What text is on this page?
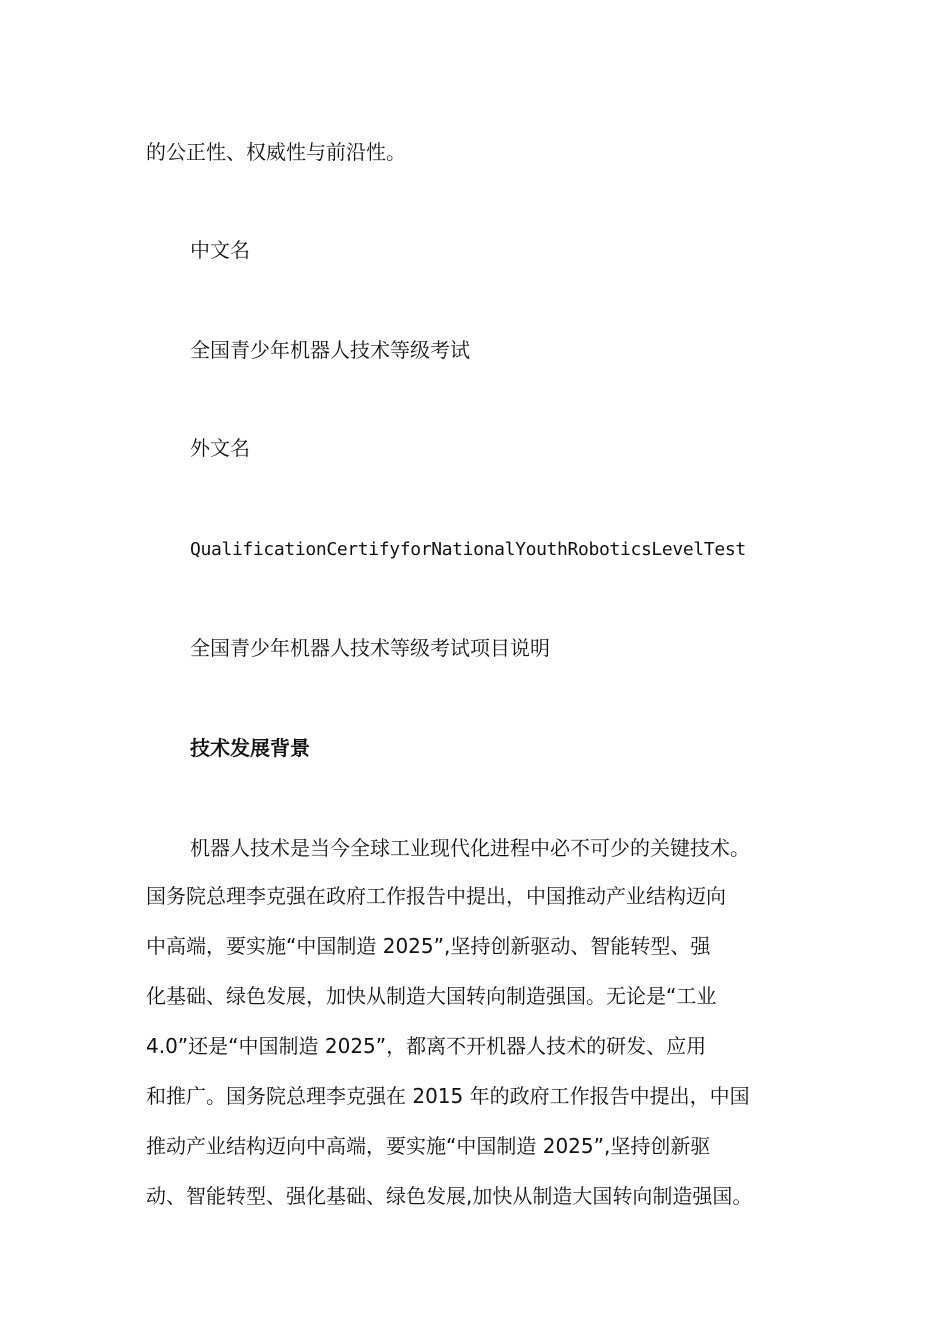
的公正性、权威性与前沿性。

中文名

全国青少年机器人技术等级考试

外文名

QualificationCertifyforNationalYouthRoboticsLevelTest

全国青少年机器人技术等级考试项目说明

技术发展背景

机器人技术是当今全球工业现代化进程中必不可少的关键技术。

国务院总理李克强在政府工作报告中提出，中国推动产业结构迈向

中高端，要实施“中国制造 2025”,坚持创新驱动、智能转型、强

化基础、绿色发展，加快从制造大国转向制造强国。无论是“工业

4.0”还是“中国制造 2025”，都离不开机器人技术的研发、应用

和推广。国务院总理李克强在 2015 年的政府工作报告中提出，中国

推动产业结构迈向中高端，要实施“中国制造 2025”,坚持创新驱

动、智能转型、强化基础、绿色发展,加快从制造大国转向制造强国。
